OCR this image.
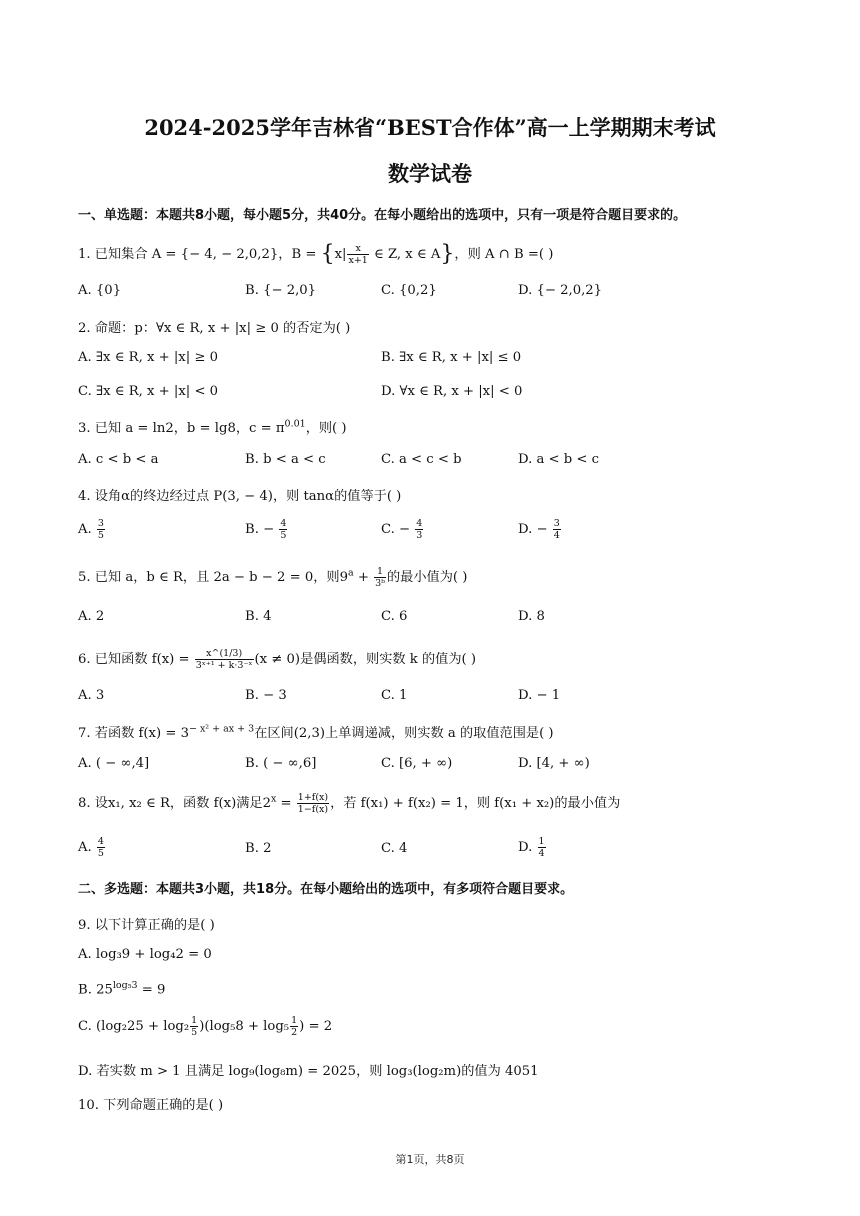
2024-2025学年吉林省“BEST合作体”高一上学期期末考试
数学试卷
一、单选题：本题共8小题，每小题5分，共40分。在每小题给出的选项中，只有一项是符合题目要求的。
1. 已知集合 A = {− 4, − 2,0,2}，$B = \{x| \frac{x}{x+1}$ ∈ Z, x ∈ A}，则 A ∩ B =( )
A. {0}	B. {− 2,0}	C. {0,2}	D. {− 2,0,2}
2. 命题：p：∀x ∈ R, x + |x| ≥ 0 的否定为( )
A. ∃x ∈ R, x + |x| ≥ 0	B. ∃x ∈ R, x + |x| ≤ 0
C. ∃x ∈ R, x + |x| < 0	D. ∀x ∈ R, x + |x| < 0
3. 已知 a = ln2，b = lg8，$c = \pi^{0.01}$，则( )
A. c < b < a	B. b < a < c	C. a < c < b	D. a < b < c
4. 设角α的终边经过点 P(3, − 4)，则 tanα的值等于( )
A. $\frac{3}{5}$	B. − $\frac{4}{5}$	C. − $\frac{4}{3}$	D. − $\frac{3}{4}$
5. 已知 a，b ∈ R，且 2a − b − 2 = 0，则$9^a + \frac{1}{\text{3ᵇ}}$ 的最小值为( )
A. 2	B. 4	C. 6	D. 8
6. 已知函数 $f(x) = \frac{x\^{}(1/3)}{\text{3ˣ⁺¹ + k·3⁻ˣ}} (x \ne 0)$是偶函数，则实数 k 的值为( )
A. 3	B. − 3	C. 1	D. − 1
7. 若函数 $f(x) = 3^{- x^2 + ax + 3}$在区间(2,3)上单调递减，则实数 a 的取值范围是( )
A. ( − ∞,4]	B. ( − ∞,6]	C. [6, + ∞)	D. [4, + ∞)
8. 设x₁, x₂ ∈ R，函数 f(x)满足$2^x = \frac{1+f(x)}{1-f(x)}$ ，若 f(x₁) + f(x₂) = 1，则 f(x₁ + x₂)的最小值为
A. $\frac{4}{5}$	B. 2	C. 4	D. $\frac{1}{4}$
二、多选题：本题共3小题，共18分。在每小题给出的选项中，有多项符合题目要求。
9. 以下计算正确的是( )
A. log₃9 + log₄2 = 0
B. $25^{log_53} = 9$
C. $(\log_225 + \log_2 \frac{1}{5} )(\log_58 + \log_5 \frac{1}{2}$ ) = 2
D. 若实数 m > 1 且满足 log₉(log₈m) = 2025，则 log₃(log₂m)的值为 4051
10. 下列命题正确的是( )
第1页，共8页
